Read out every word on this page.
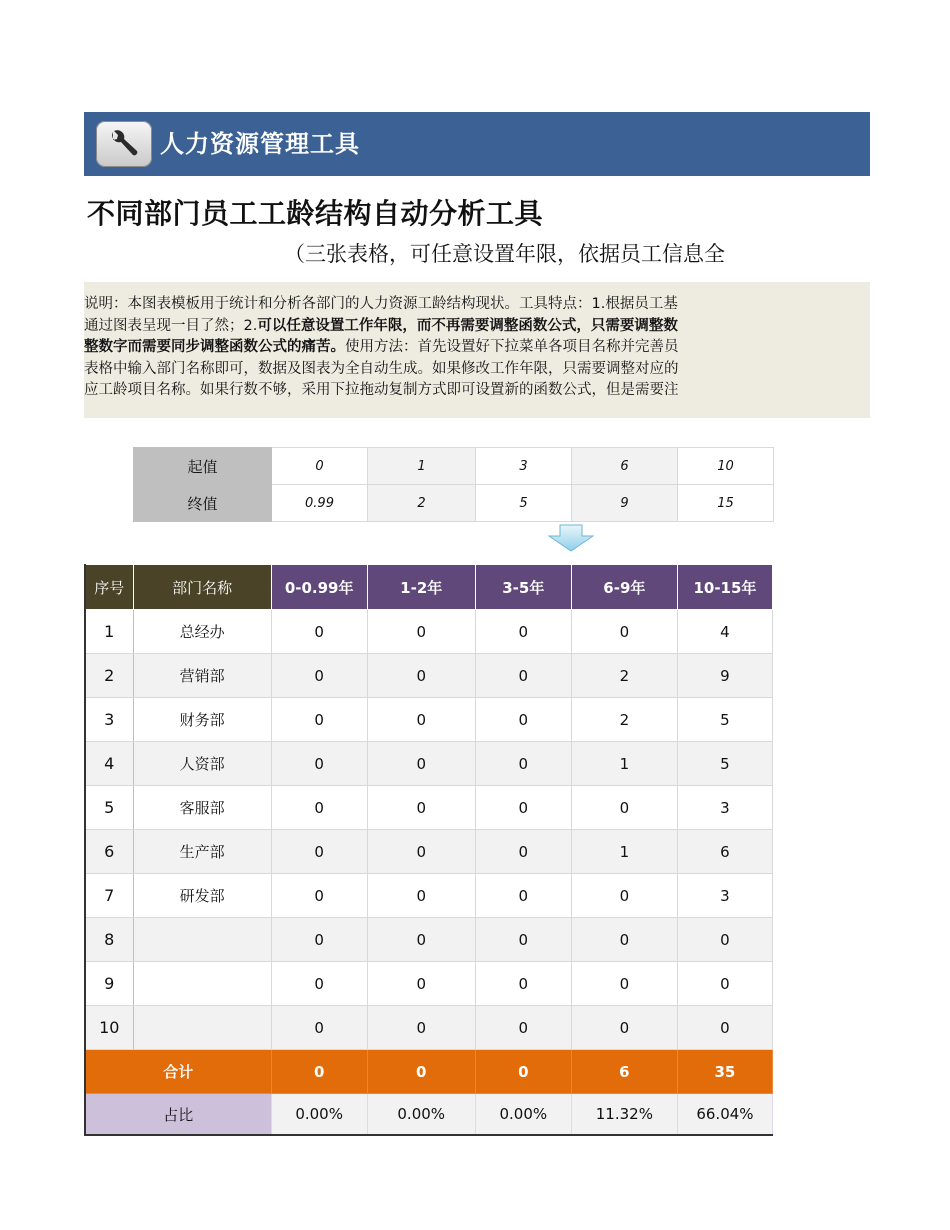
人力资源管理工具
不同部门员工工龄结构自动分析工具
（三张表格，可任意设置年限，依据员工信息全
说明：本图表模板用于统计和分析各部门的人力资源工龄结构现状。工具特点：1.根据员工基
通过图表呈现一目了然；2.可以任意设置工作年限，而不再需要调整函数公式，只需要调整数
整数字而需要同步调整函数公式的痛苦。使用方法：首先设置好下拉菜单各项目名称并完善员
表格中输入部门名称即可，数据及图表为全自动生成。如果修改工作年限，只需要调整对应的
应工龄项目名称。如果行数不够，采用下拉拖动复制方式即可设置新的函数公式，但是需要注
起值	0	1	3	6	10
终值	0.99	2	5	9	15
序号	部门名称	0-0.99年	1-2年	3-5年	6-9年	10-15年
1	总经办	0	0	0	0	4
2	营销部	0	0	0	2	9
3	财务部	0	0	0	2	5
4	人资部	0	0	0	1	5
5	客服部	0	0	0	0	3
6	生产部	0	0	0	1	6
7	研发部	0	0	0	0	3
8		0	0	0	0	0
9		0	0	0	0	0
10		0	0	0	0	0
合计		0	0	0	6	35
占比		0.00%	0.00%	0.00%	11.32%	66.04%
